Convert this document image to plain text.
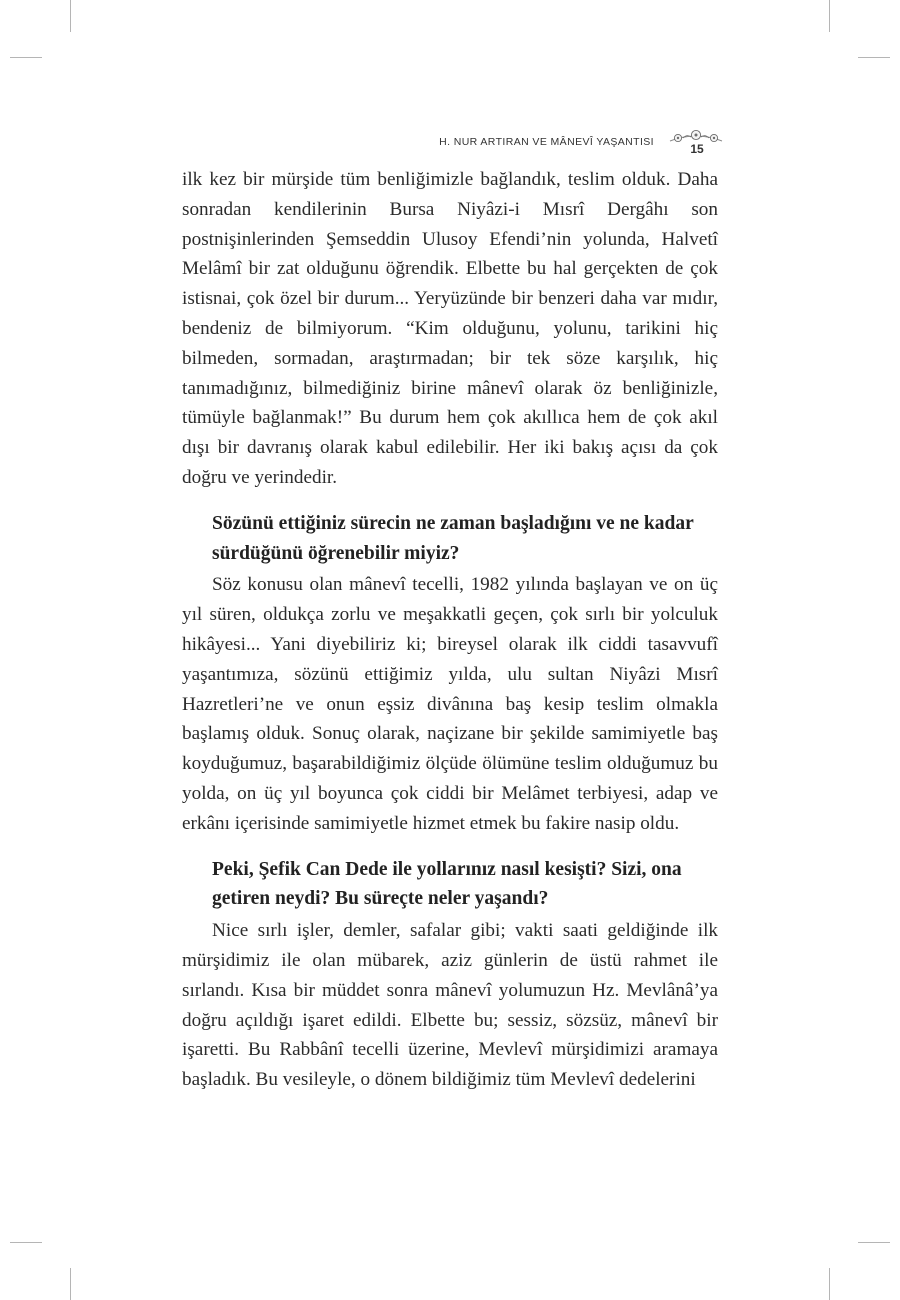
H. NUR ARTIRAN VE MÂNEVÎ YAŞANTISI	15

ilk kez bir mürşide tüm benliğimizle bağlandık, teslim olduk. Daha sonradan kendilerinin Bursa Niyâzi-i Mısrî Dergâhı son postnişinlerinden Şemseddin Ulusoy Efendi’nin yolunda, Halvetî Melâmî bir zat olduğunu öğrendik. Elbette bu hal gerçekten de çok istisnai, çok özel bir durum... Yeryüzünde bir benzeri daha var mıdır, bendeniz de bilmiyorum. “Kim olduğunu, yolunu, tarikini hiç bilmeden, sormadan, araştırmadan; bir tek söze karşılık, hiç tanımadığınız, bilmediğiniz birine mânevî olarak öz benliğinizle, tümüyle bağlanmak!” Bu durum hem çok akıllıca hem de çok akıl dışı bir davranış olarak kabul edilebilir. Her iki bakış açısı da çok doğru ve yerindedir.

Sözünü ettiğiniz sürecin ne zaman başladığını ve ne kadar sürdüğünü öğrenebilir miyiz?

Söz konusu olan mânevî tecelli, 1982 yılında başlayan ve on üç yıl süren, oldukça zorlu ve meşakkatli geçen, çok sırlı bir yolculuk hikâyesi... Yani diyebiliriz ki; bireysel olarak ilk ciddi tasavvufî yaşantımıza, sözünü ettiğimiz yılda, ulu sultan Niyâzi Mısrî Hazretleri’ne ve onun eşsiz divânına baş kesip teslim olmakla başlamış olduk. Sonuç olarak, naçizane bir şekilde samimiyetle baş koyduğumuz, başarabildiğimiz ölçüde ölümüne teslim olduğumuz bu yolda, on üç yıl boyunca çok ciddi bir Melâmet terbiyesi, adap ve erkânı içerisinde samimiyetle hizmet etmek bu fakire nasip oldu.

Peki, Şefik Can Dede ile yollarınız nasıl kesişti? Sizi, ona getiren neydi? Bu süreçte neler yaşandı?

Nice sırlı işler, demler, safalar gibi; vakti saati geldiğinde ilk mürşidimiz ile olan mübarek, aziz günlerin de üstü rahmet ile sırlandı. Kısa bir müddet sonra mânevî yolumuzun Hz. Mevlânâ’ya doğru açıldığı işaret edildi. Elbette bu; sessiz, sözsüz, mânevî bir işaretti. Bu Rabbânî tecelli üzerine, Mevlevî mürşidimizi aramaya başladık. Bu vesileyle, o dönem bildiğimiz tüm Mevlevî dedelerini
